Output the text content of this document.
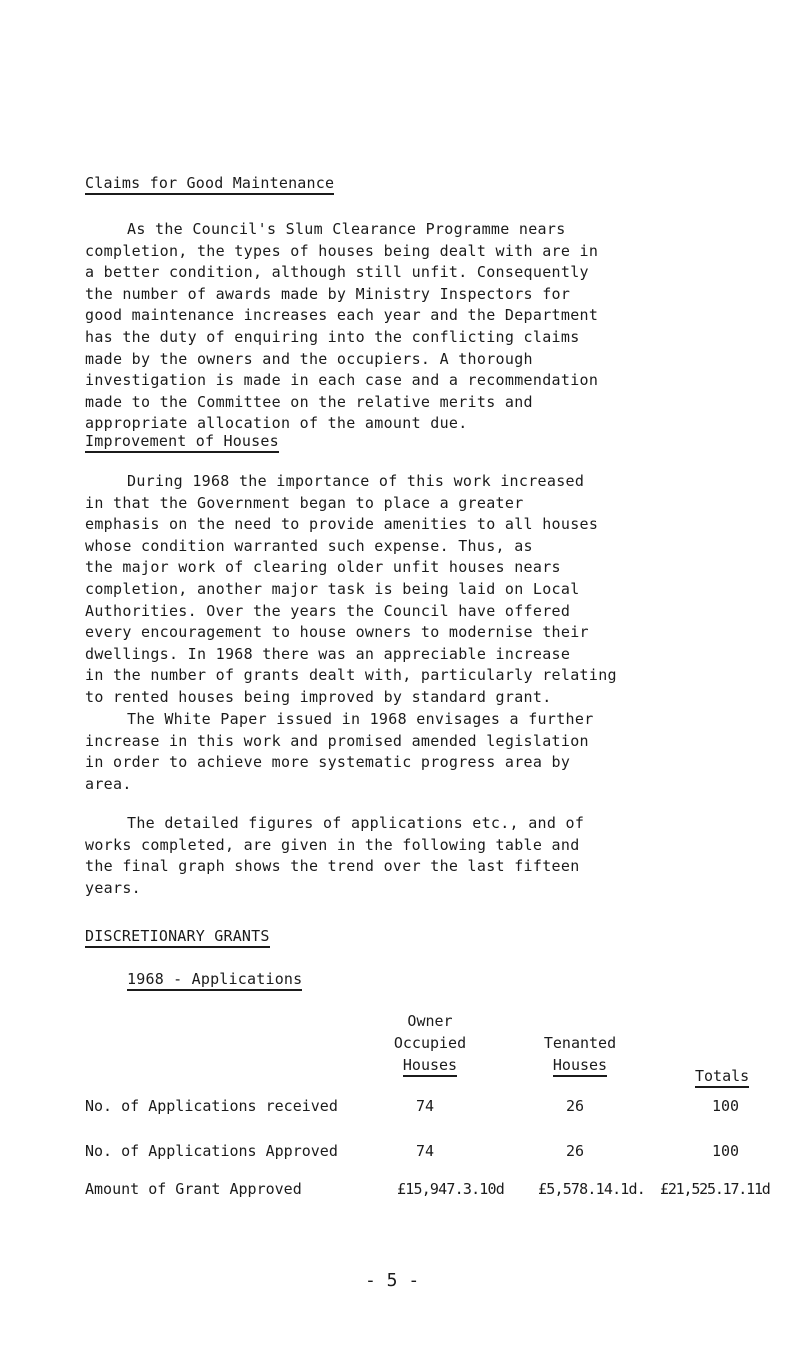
Claims for Good Maintenance
As the Council's Slum Clearance Programme nears
completion, the types of houses being dealt with are in
a better condition, although still unfit. Consequently
the number of awards made by Ministry Inspectors for
good maintenance increases each year and the Department
has the duty of enquiring into the conflicting claims
made by the owners and the occupiers. A thorough
investigation is made in each case and a recommendation
made to the Committee on the relative merits and
appropriate allocation of the amount due.
Improvement of Houses
During 1968 the importance of this work increased
in that the Government began to place a greater
emphasis on the need to provide amenities to all houses
whose condition warranted such expense. Thus, as
the major work of clearing older unfit houses nears
completion, another major task is being laid on Local
Authorities. Over the years the Council have offered
every encouragement to house owners to modernise their
dwellings. In 1968 there was an appreciable increase
in the number of grants dealt with, particularly relating
to rented houses being improved by standard grant.
The White Paper issued in 1968 envisages a further
increase in this work and promised amended legislation
in order to achieve more systematic progress area by
area.
The detailed figures of applications etc., and of
works completed, are given in the following table and
the final graph shows the trend over the last fifteen
years.
DISCRETIONARY GRANTS
1968 - Applications
Owner
Occupied
Houses
Tenanted
Houses
Totals
No. of Applications received	74	26	100
No. of Applications Approved	74	26	100
Amount of Grant Approved	£15,947.3.10d £5,578.14.1d. £21,525.17.11d
- 5 -
